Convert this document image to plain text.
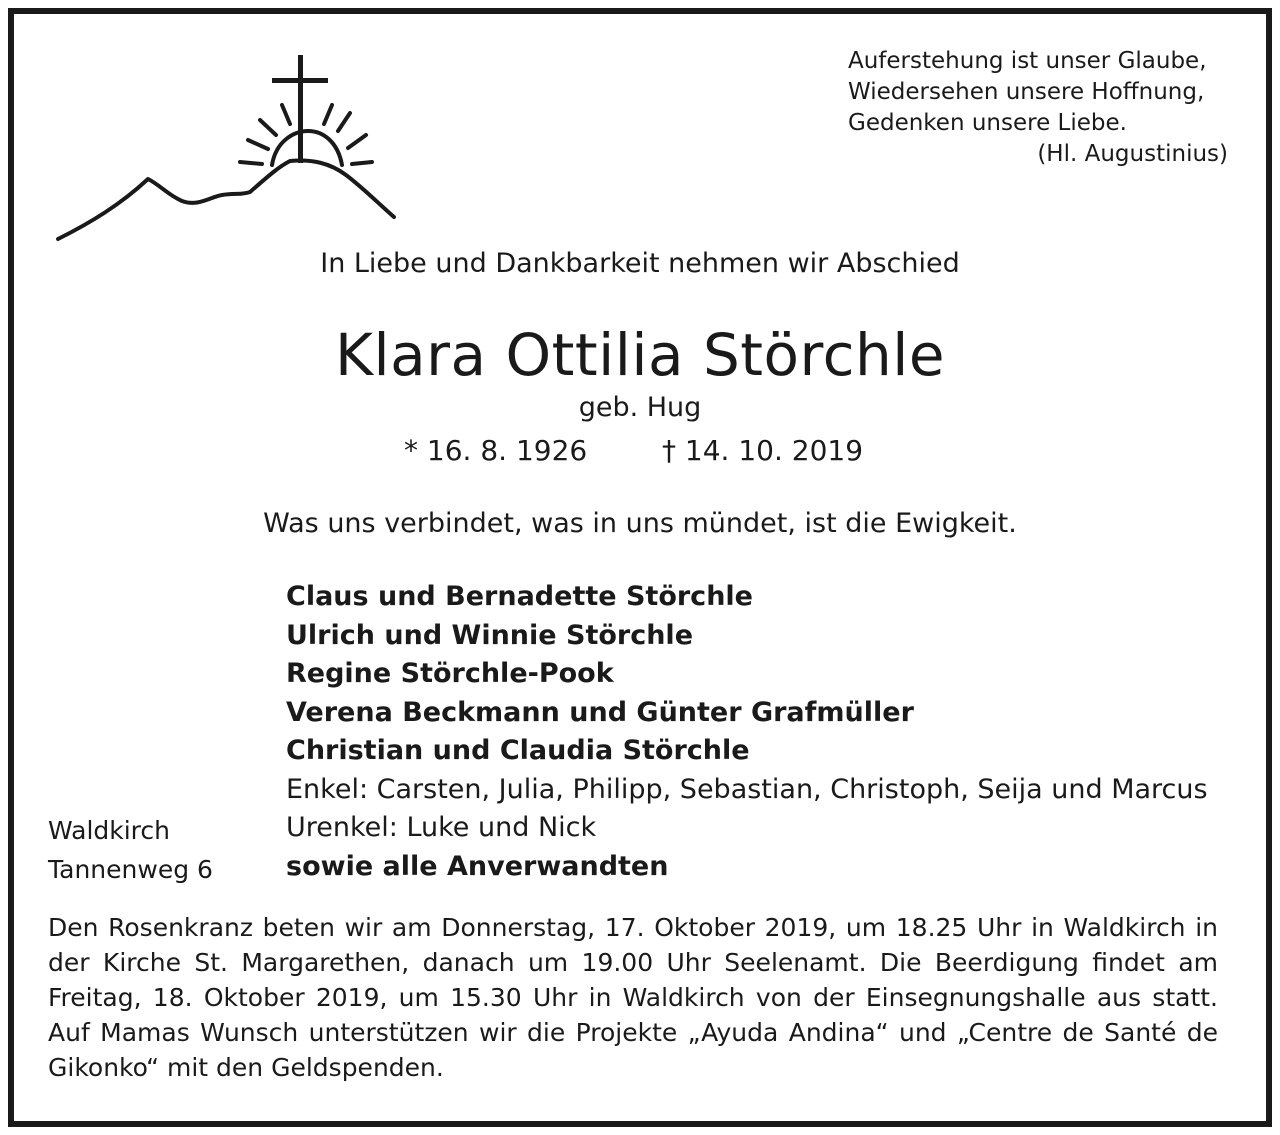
Auferstehung ist unser Glaube,
Wiedersehen unsere Hoffnung,
Gedenken unsere Liebe.
(Hl. Augustinius)
In Liebe und Dankbarkeit nehmen wir Abschied
Klara Ottilia Störchle
geb. Hug
* 16. 8. 1926	† 14. 10. 2019
Was uns verbindet, was in uns mündet, ist die Ewigkeit.
Claus und Bernadette Störchle
Ulrich und Winnie Störchle
Regine Störchle-Pook
Verena Beckmann und Günter Grafmüller
Christian und Claudia Störchle
Enkel: Carsten, Julia, Philipp, Sebastian, Christoph, Seija und Marcus
Urenkel: Luke und Nick
sowie alle Anverwandten
Waldkirch
Tannenweg 6
Den Rosenkranz beten wir am Donnerstag, 17. Oktober 2019, um 18.25 Uhr in Waldkirch in der Kirche St. Margarethen, danach um 19.00 Uhr Seelenamt. Die Beerdigung findet am Freitag, 18. Oktober 2019, um 15.30 Uhr in Waldkirch von der Einsegnungshalle aus statt. Auf Mamas Wunsch unterstützen wir die Projekte „Ayuda Andina“ und „Centre de Santé de Gikonko“ mit den Geldspenden.
